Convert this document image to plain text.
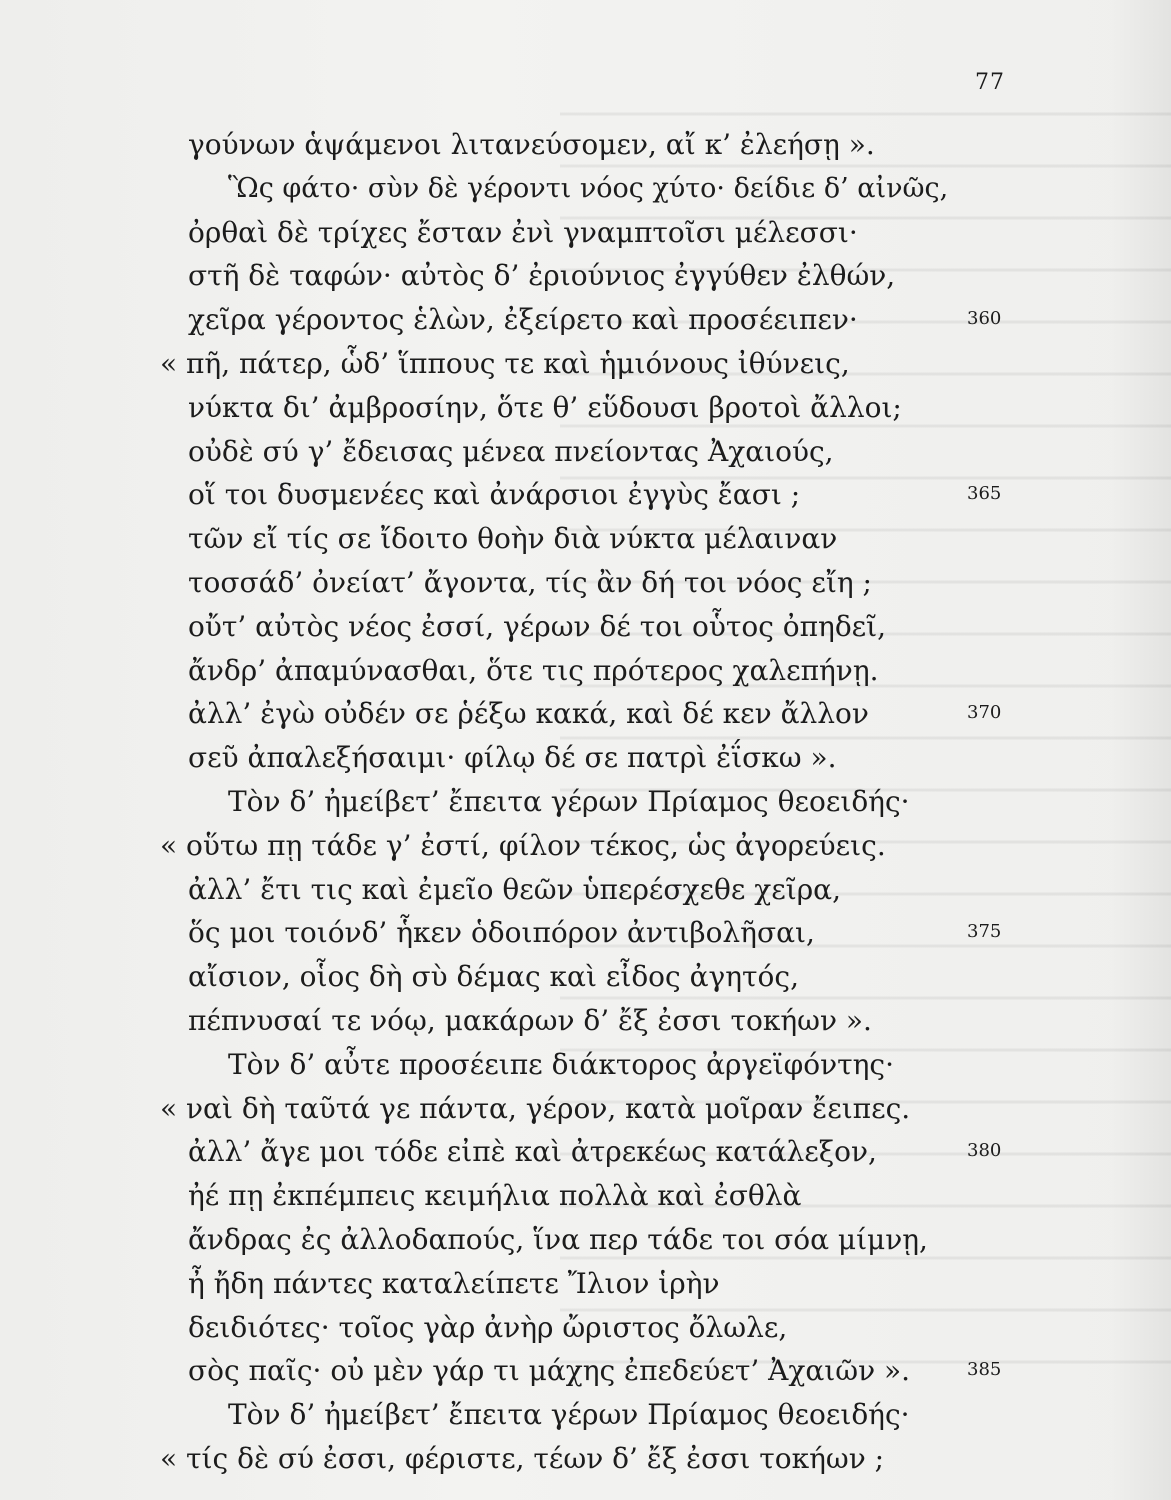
77
γούνων ἁψάμενοι λιτανεύσομεν, αἴ κ’ ἐλεήσῃ ».
Ὣς φάτο· σὺν δὲ γέροντι νόος χύτο· δείδιε δ’ αἰνῶς,
ὀρθαὶ δὲ τρίχες ἔσταν ἐνὶ γναμπτοῖσι μέλεσσι·
στῆ δὲ ταφών· αὐτὸς δ’ ἐριούνιος ἐγγύθεν ἐλθών,
χεῖρα γέροντος ἑλὼν, ἐξείρετο καὶ προσέειπεν·
« πῆ, πάτερ, ὧδ’ ἵππους τε καὶ ἡμιόνους ἰθύνεις,
νύκτα δι’ ἀμβροσίην, ὅτε θ’ εὕδουσι βροτοὶ ἄλλοι;
οὐδὲ σύ γ’ ἔδεισας μένεα πνείοντας Ἀχαιούς,
οἵ τοι δυσμενέες καὶ ἀνάρσιοι ἐγγὺς ἔασι ;
τῶν εἴ τίς σε ἴδοιτο θοὴν διὰ νύκτα μέλαιναν
τοσσάδ’ ὀνείατ’ ἄγοντα, τίς ἂν δή τοι νόος εἴη ;
οὔτ’ αὐτὸς νέος ἐσσί, γέρων δέ τοι οὗτος ὀπηδεῖ,
ἄνδρ’ ἀπαμύνασθαι, ὅτε τις πρότερος χαλεπήνῃ.
ἀλλ’ ἐγὼ οὐδέν σε ῥέξω κακά, καὶ δέ κεν ἄλλον
σεῦ ἀπαλεξήσαιμι· φίλῳ δέ σε πατρὶ ἐΐσκω ».
Τὸν δ’ ἠμείβετ’ ἔπειτα γέρων Πρίαμος θεοειδής·
« οὕτω πῃ τάδε γ’ ἐστί, φίλον τέκος, ὡς ἀγορεύεις.
ἀλλ’ ἔτι τις καὶ ἐμεῖο θεῶν ὑπερέσχεθε χεῖρα,
ὅς μοι τοιόνδ’ ἧκεν ὁδοιπόρον ἀντιβολῆσαι,
αἴσιον, οἷος δὴ σὺ δέμας καὶ εἶδος ἀγητός,
πέπνυσαί τε νόῳ, μακάρων δ’ ἔξ ἐσσι τοκήων ».
Τὸν δ’ αὖτε προσέειπε διάκτορος ἀργεϊφόντης·
« ναὶ δὴ ταῦτά γε πάντα, γέρον, κατὰ μοῖραν ἔειπες.
ἀλλ’ ἄγε μοι τόδε εἰπὲ καὶ ἀτρεκέως κατάλεξον,
ἠέ πῃ ἐκπέμπεις κειμήλια πολλὰ καὶ ἐσθλὰ
ἄνδρας ἐς ἀλλοδαπούς, ἵνα περ τάδε τοι σόα μίμνῃ,
ἦ ἤδη πάντες καταλείπετε Ἴλιον ἱρὴν
δειδιότες· τοῖος γὰρ ἀνὴρ ὤριστος ὄλωλε,
σὸς παῖς· οὐ μὲν γάρ τι μάχης ἐπεδεύετ’ Ἀχαιῶν ».
Τὸν δ’ ἠμείβετ’ ἔπειτα γέρων Πρίαμος θεοειδής·
« τίς δὲ σύ ἐσσι, φέριστε, τέων δ’ ἔξ ἐσσι τοκήων ;
360
365
370
375
380
385
